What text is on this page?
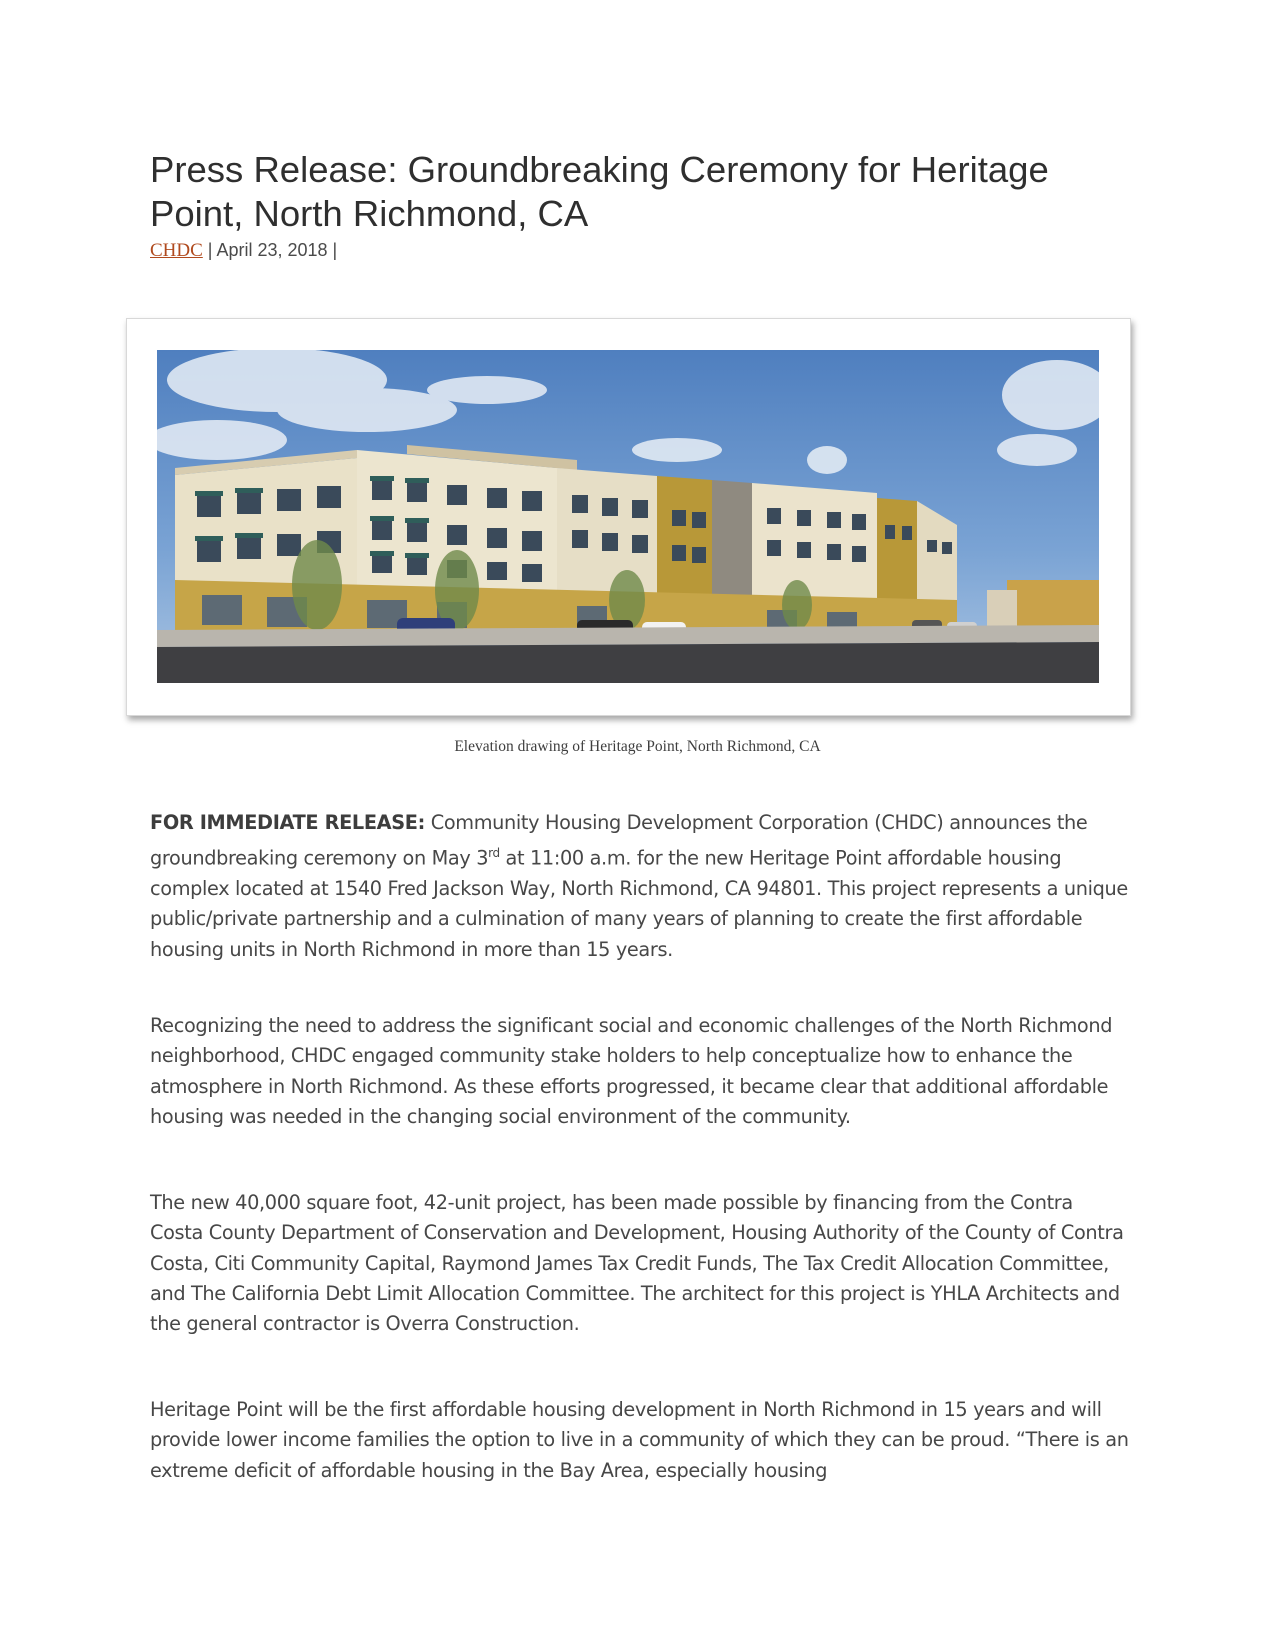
Press Release: Groundbreaking Ceremony for Heritage Point, North Richmond, CA
CHDC | April 23, 2018 |
Elevation drawing of Heritage Point, North Richmond, CA

FOR IMMEDIATE RELEASE: Community Housing Development Corporation (CHDC) announces the groundbreaking ceremony on May 3rd at 11:00 a.m. for the new Heritage Point affordable housing complex located at 1540 Fred Jackson Way, North Richmond, CA 94801. This project represents a unique public/private partnership and a culmination of many years of planning to create the first affordable housing units in North Richmond in more than 15 years.

Recognizing the need to address the significant social and economic challenges of the North Richmond neighborhood, CHDC engaged community stake holders to help conceptualize how to enhance the atmosphere in North Richmond. As these efforts progressed, it became clear that additional affordable housing was needed in the changing social environment of the community.

The new 40,000 square foot, 42-unit project, has been made possible by financing from the Contra Costa County Department of Conservation and Development, Housing Authority of the County of Contra Costa, Citi Community Capital, Raymond James Tax Credit Funds, The Tax Credit Allocation Committee, and The California Debt Limit Allocation Committee. The architect for this project is YHLA Architects and the general contractor is Overra Construction.

Heritage Point will be the first affordable housing development in North Richmond in 15 years and will provide lower income families the option to live in a community of which they can be proud. “There is an extreme deficit of affordable housing in the Bay Area, especially housing
